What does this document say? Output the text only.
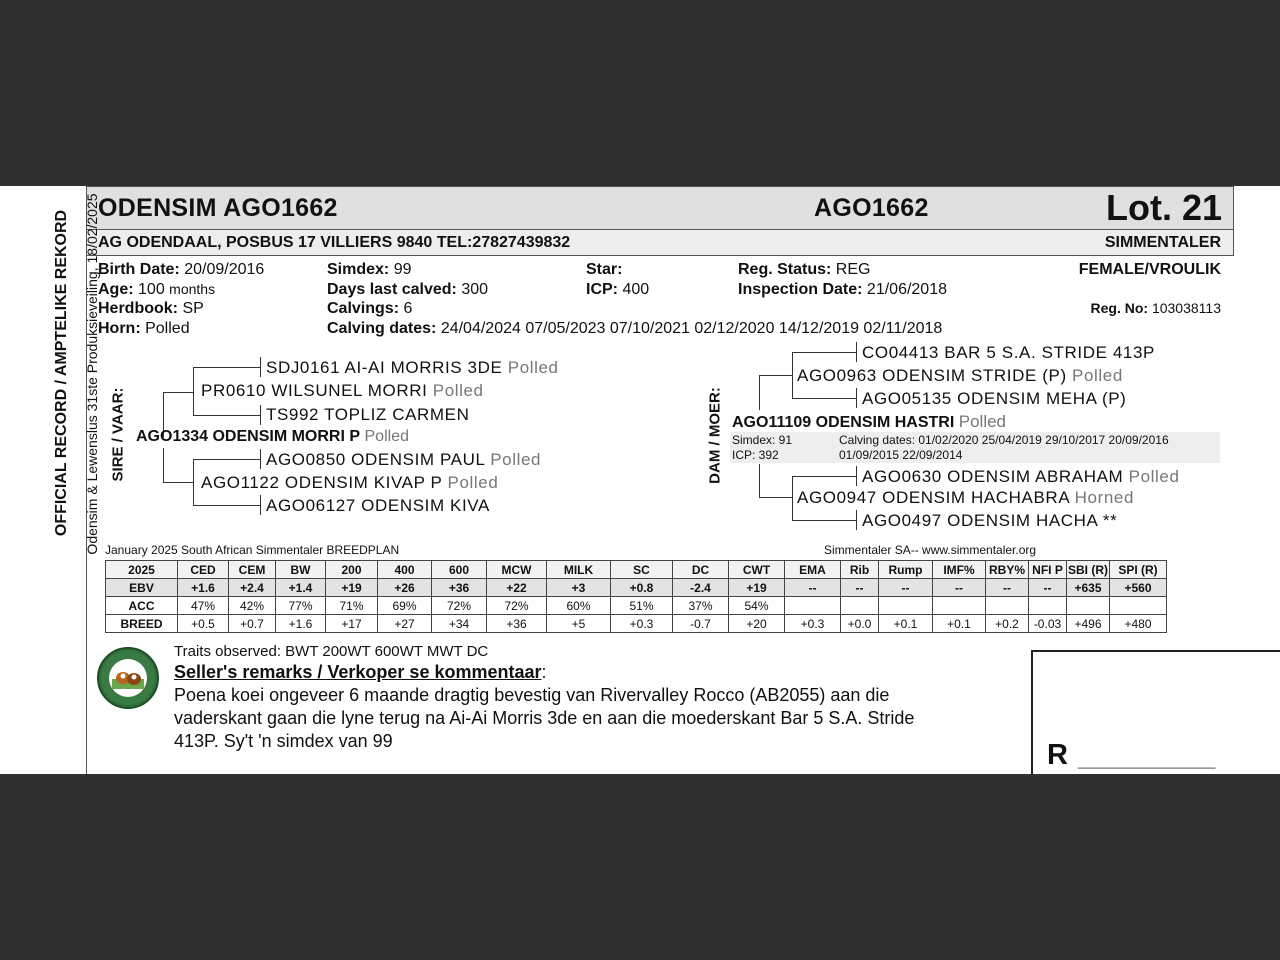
ODENSIM AGO1662	AGO1662	Lot. 21
AG ODENDAAL, POSBUS 17 VILLIERS 9840 TEL:27827439832	SIMMENTALER
OFFICIAL RECORD / AMPTELIKE REKORD Odensim & Lewenslus 31ste Produksieveiling, 18/02/2025
Birth Date: 20/09/2016
Age: 100 months
Herdbook: SP
Horn: Polled
Simdex: 99
Days last calved: 300
Calvings: 6
Calving dates: 24/04/2024 07/05/2023 07/10/2021 02/12/2020 14/12/2019 02/11/2018
Star:
ICP: 400
Reg. Status: REG
Inspection Date: 21/06/2018
FEMALE/VROULIK
Reg. No: 103038113
SIRE / VAAR:
SDJ0161 AI-AI MORRIS 3DE Polled
PR0610 WILSUNEL MORRI Polled
TS992 TOPLIZ CARMEN
AGO1334 ODENSIM MORRI P Polled
AGO0850 ODENSIM PAUL Polled
AGO1122 ODENSIM KIVAP P Polled
AGO06127 ODENSIM KIVA
DAM / MOER:
CO04413 BAR 5 S.A. STRIDE 413P
AGO0963 ODENSIM STRIDE (P) Polled
AGO05135 ODENSIM MEHA (P)
AGO11109 ODENSIM HASTRI Polled
Simdex: 91
ICP: 392
Calving dates: 01/02/2020 25/04/2019 29/10/2017 20/09/2016
01/09/2015 22/09/2014
AGO0630 ODENSIM ABRAHAM Polled
AGO0947 ODENSIM HACHABRA Horned
AGO0497 ODENSIM HACHA **
January 2025 South African Simmentaler BREEDPLAN	Simmentaler SA-- www.simmentaler.org
2025	CED	CEM	BW	200	400	600	MCW	MILK	SC	DC	CWT	EMA	Rib	Rump	IMF%	RBY%	NFI P	SBI (R)	SPI (R)
EBV	+1.6	+2.4	+1.4	+19	+26	+36	+22	+3	+0.8	-2.4	+19	--	--	--	--	--	--	+635	+560
ACC	47%	42%	77%	71%	69%	72%	72%	60%	51%	37%	54%								
BREED	+0.5	+0.7	+1.6	+17	+27	+34	+36	+5	+0.3	-0.7	+20	+0.3	+0.0	+0.1	+0.1	+0.2	-0.03	+496	+480
Traits observed: BWT 200WT 600WT MWT DC
Seller's remarks / Verkoper se kommentaar:
Poena koei ongeveer 6 maande dragtig bevestig van Rivervalley Rocco (AB2055) aan die
vaderskant gaan die lyne terug na Ai-Ai Morris 3de en aan die moederskant Bar 5 S.A. Stride
413P. Sy't 'n simdex van 99	R ___________________
